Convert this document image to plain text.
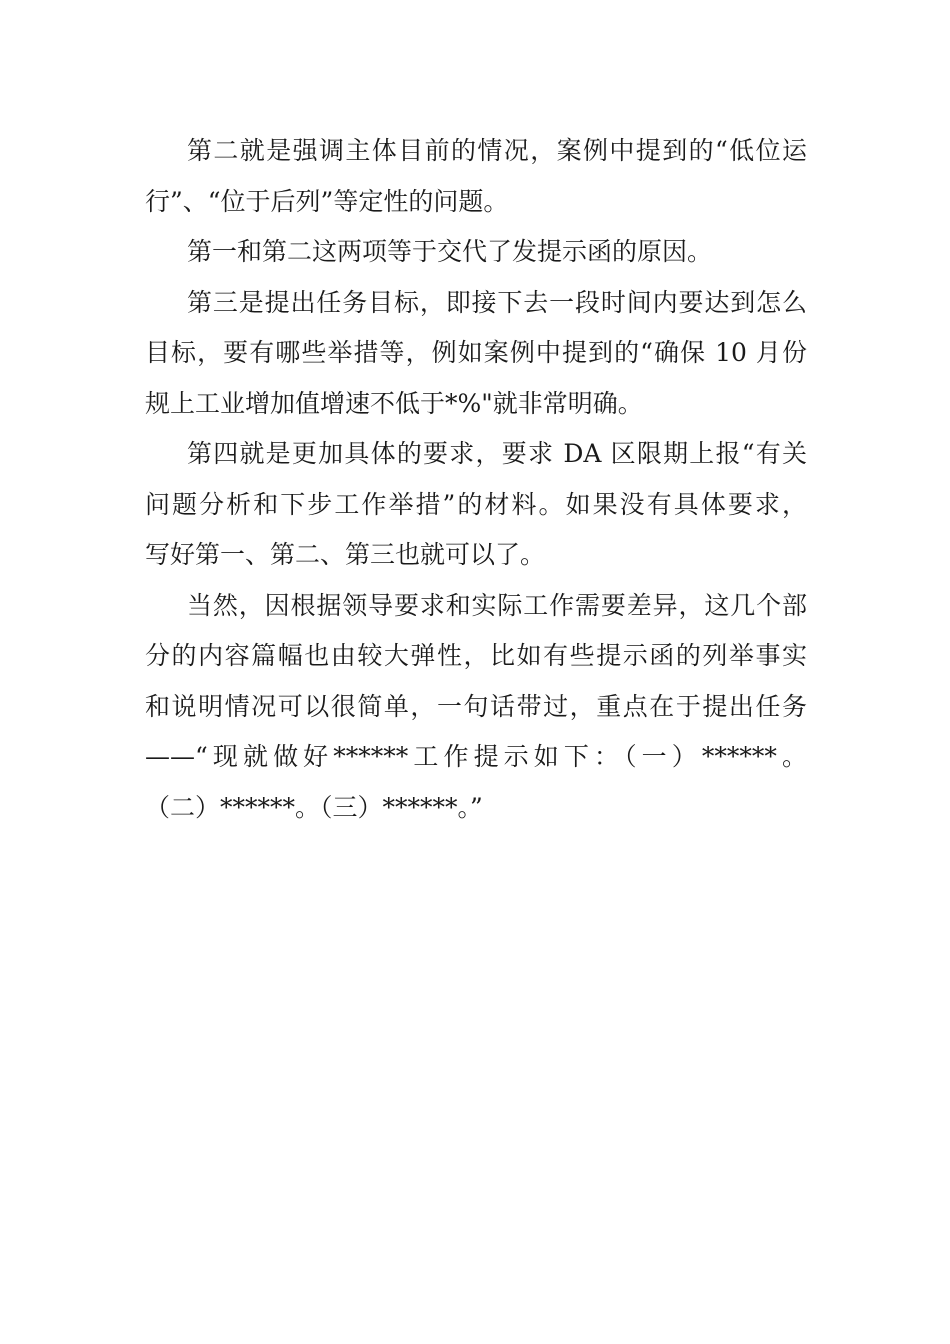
第二就是强调主体目前的情况，案例中提到的“低位运
行”、“位于后列”等定性的问题。
第一和第二这两项等于交代了发提示函的原因。
第三是提出任务目标，即接下去一段时间内要达到怎么
目标，要有哪些举措等，例如案例中提到的“确保 10 月份
规上工业增加值增速不低于*%"就非常明确。
第四就是更加具体的要求，要求 DA 区限期上报“有关
问题分析和下步工作举措”的材料。如果没有具体要求，
写好第一、第二、第三也就可以了。
当然，因根据领导要求和实际工作需要差异，这几个部
分的内容篇幅也由较大弹性，比如有些提示函的列举事实
和说明情况可以很简单，一句话带过，重点在于提出任务
——“现就做好******工作提示如下：（一）******。
（二）******。（三）******。”
